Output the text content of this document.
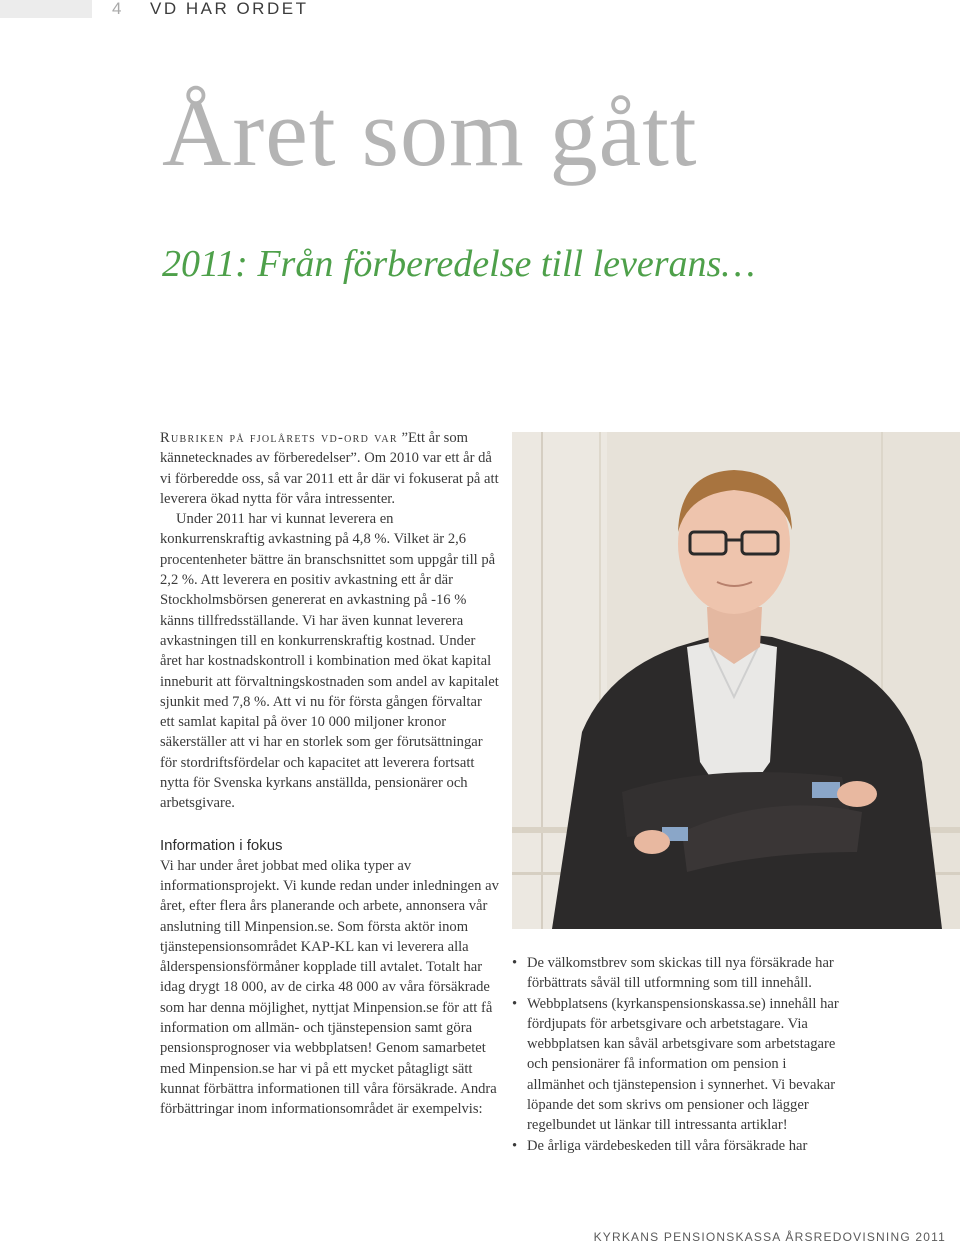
4 VD HAR ORDET
Året som gått
2011: Från förberedelse till leverans…

Rubriken på fjolårets vd-ord var ”Ett år som kännetecknades av förberedelser”. Om 2010 var ett år då vi förberedde oss, så var 2011 ett år där vi fokuserat på att leverera ökad nytta för våra intressenter.

Under 2011 har vi kunnat leverera en konkurrenskraftig avkastning på 4,8 %. Vilket är 2,6 procentenheter bättre än branschsnittet som uppgår till på 2,2 %. Att leverera en positiv avkastning ett år där Stockholmsbörsen genererat en avkastning på -16 % känns tillfredsställande. Vi har även kunnat leverera avkastningen till en konkurrenskraftig kostnad. Under året har kostnadskontroll i kombination med ökat kapital inneburit att förvaltningskostnaden som andel av kapitalet sjunkit med 7,8 %. Att vi nu för första gången förvaltar ett samlat kapital på över 10 000 miljoner kronor säkerställer att vi har en storlek som ger förutsättningar för stordriftsfördelar och kapacitet att leverera fortsatt nytta för Svenska kyrkans anställda, pensionärer och arbetsgivare.

Information i fokus

Vi har under året jobbat med olika typer av informationsprojekt. Vi kunde redan under inledningen av året, efter flera års planerande och arbete, annonsera vår anslutning till Minpension.se. Som första aktör inom tjänstepensionsområdet KAP-KL kan vi leverera alla ålderspensionsförmåner kopplade till avtalet. Totalt har idag drygt 18 000, av de cirka 48 000 av våra försäkrade som har denna möjlighet, nyttjat Minpension.se för att få information om allmän- och tjänstepension samt göra pensionsprognoser via webbplatsen! Genom samarbetet med Minpension.se har vi på ett mycket påtagligt sätt kunnat förbättra informationen till våra försäkrade. Andra förbättringar inom informationsområdet är exempelvis:

• De välkomstbrev som skickas till nya försäkrade har förbättrats såväl till utformning som till innehåll.
• Webbplatsens (kyrkanspensionskassa.se) innehåll har fördjupats för arbetsgivare och arbetstagare. Via webbplatsen kan såväl arbetsgivare som arbetstagare och pensionärer få information om pension i allmänhet och tjänstepension i synnerhet. Vi bevakar löpande det som skrivs om pensioner och lägger regelbundet ut länkar till intressanta artiklar!
• De årliga värdebeskeden till våra försäkrade har
KYRKANS PENSIONSKASSA ÅRSREDOVISNING 2011
